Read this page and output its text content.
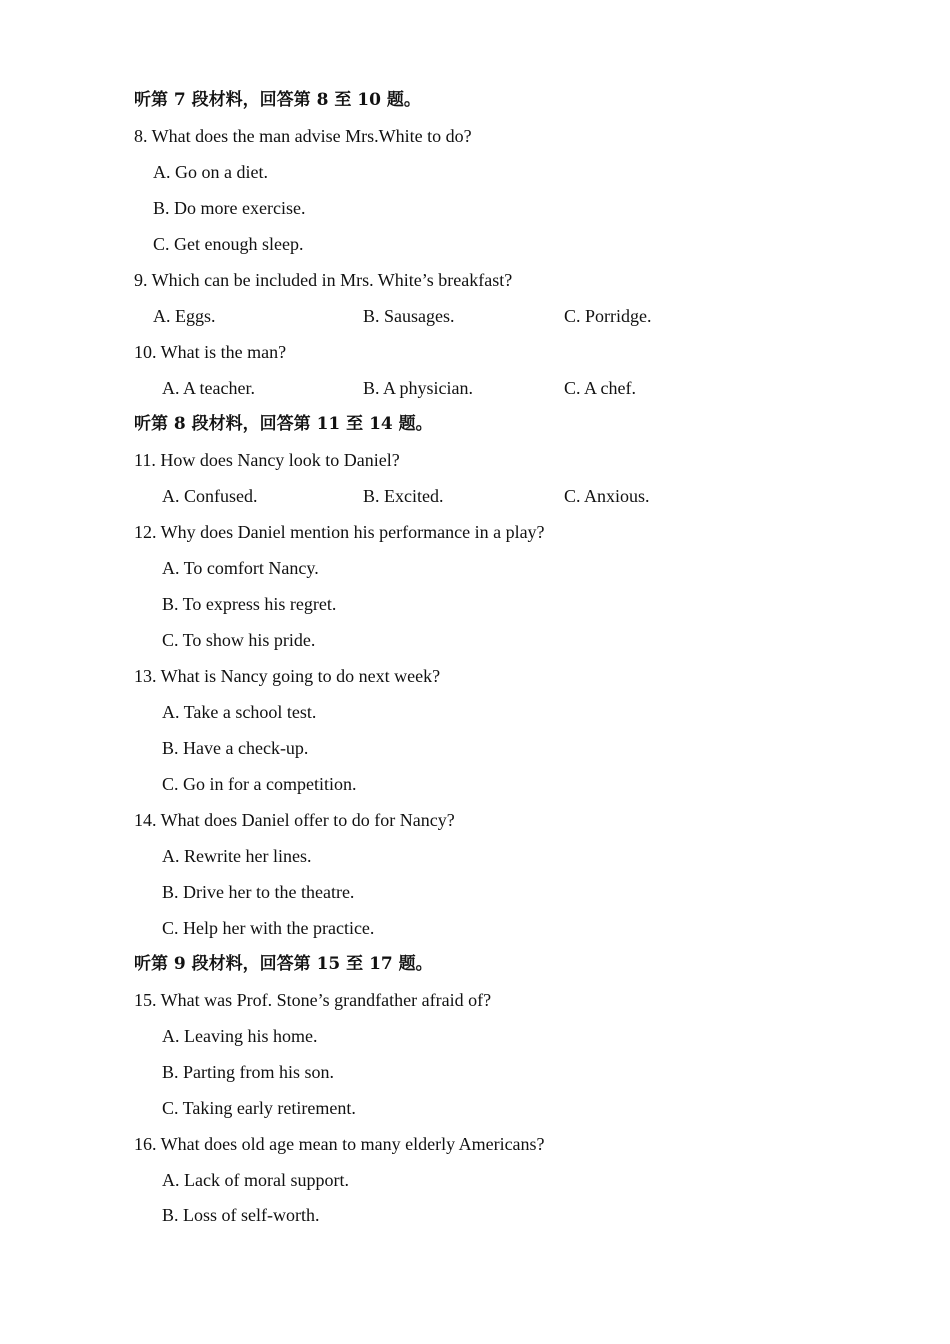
听第 7 段材料，回答第 8 至 10 题。
8. What does the man advise Mrs.White to do?
A. Go on a diet.
B. Do more exercise.
C. Get enough sleep.
9. Which can be included in Mrs. White’s breakfast?
A. Eggs.	B. Sausages.	C. Porridge.
10. What is the man?
A. A teacher.	B. A physician.	C. A chef.
听第 8 段材料，回答第 11 至 14 题。
11. How does Nancy look to Daniel?
A. Confused.	B. Excited.	C. Anxious.
12. Why does Daniel mention his performance in a play?
A. To comfort Nancy.
B. To express his regret.
C. To show his pride.
13. What is Nancy going to do next week?
A. Take a school test.
B. Have a check-up.
C. Go in for a competition.
14. What does Daniel offer to do for Nancy?
A. Rewrite her lines.
B. Drive her to the theatre.
C. Help her with the practice.
听第 9 段材料，回答第 15 至 17 题。
15. What was Prof. Stone’s grandfather afraid of?
A. Leaving his home.
B. Parting from his son.
C. Taking early retirement.
16. What does old age mean to many elderly Americans?
A. Lack of moral support.
B. Loss of self-worth.
